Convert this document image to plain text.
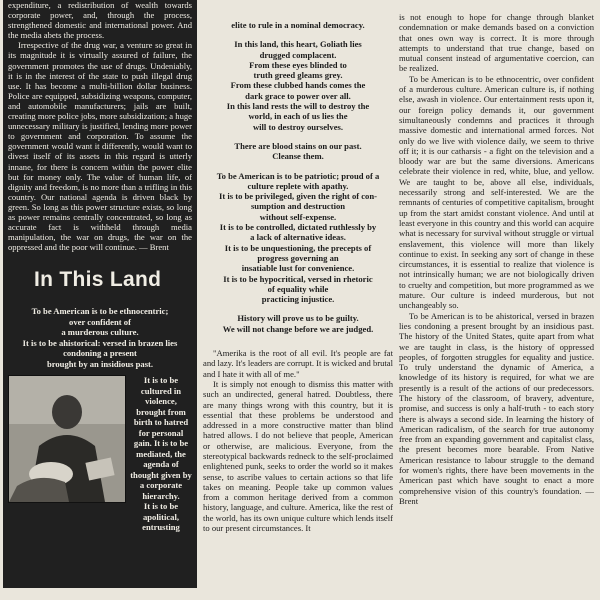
expenditure, a redistribution of wealth towards corporate power, and, through the process, strengthened domestic and international power. And the media abets the process.

Irrespective of the drug war, a venture so great in its magnitude it is virtually assured of failure, the government promotes the use of drugs. Undeniably, it is in the interest of the state to push illegal drug use. It has become a multi-billion dollar business. Police are equipped, subsidizing weapons, computer, and automobile manufacturers; jails are built, creating more police jobs, more subsidization; a huge unnecessary military is justified, lending more power to government and corporation. To assume the government would want it differently, would want to divest itself of its assets in this regard is utterly innane, for there is concern within the power elite but for money only. The value of human life, of dignity and freedom, is no more than a trifling in this country. Our national agenda is driven black by green. So long as this power structure exists, so long as power remains centrally concentrated, so long as accurate fact is withheld through media manipulation, the war on drugs, the war on the oppressed and the poor will continue. — Brent

In This Land
To be American is to be ethnocentric;
over confident of
a murderous culture.
It is to be ahistorical: versed in brazen lies
condoning a present
brought by an insidious past.
It is to be
cultured in
violence,
brought from
birth to hatred
for personal
gain. It is to be
mediated, the
agenda of
thought given by
a corporate
hierarchy.
It is to be
apolitical,
entrusting
elite to rule in a nominal democracy.
In this land, this heart, Goliath lies
drugged complacent.
From these eyes blinded to
truth greed gleams grey.
From these clubbed hands comes the
dark grace to power over all.
In this land rests the will to destroy the
world, in each of us lies the
will to destroy ourselves.
There are blood stains on our past.
Cleanse them.
To be American is to be patriotic; proud of a
culture replete with apathy.
It is to be privileged, given the right of con-
sumption and destruction
without self-expense.
It is to be controlled, dictated ruthlessly by
a lack of alternative ideas.
It is to be unquestioning, the precepts of
progress governing an
insatiable lust for convenience.
It is to be hypocritical, versed in rhetoric
of equality while
practicing injustice.
History will prove us to be guilty.
We will not change before we are judged.

"Amerika is the root of all evil. It's people are fat and lazy. It's leaders are corrupt. It is wicked and brutal and I hate it with all of me."

It is simply not enough to dismiss this matter with such an undirected, general hatred. Doubtless, there are many things wrong with this country, but it is essential that these problems be understood and addressed in a more constructive matter than blind hatred allows. I do not believe that people, American or otherwise, are malicious. Everyone, from the stereotypical backwards redneck to the self-proclaimed enlightened punk, seeks to order the world so it makes sense, to ascribe values to certain actions so that life takes on meaning. People take up common values from a common heritage derived from a common history, language, and culture. America, like the rest of the world, has its own unique culture which lends itself to our present circumstances. It

is not enough to hope for change through blanket condemnation or make demands based on a conviction that ones own way is correct. It is more through attempts to understand that true change, based on mutual consent instead of argumentative coercion, can be realized.

To be American is to be ethnocentric, over confident of a murderous culture. American culture is, if nothing else, awash in violence. Our entertainment rests upon it, our foreign policy demands it, our government simultaneously condemns and practices it through massive domestic and international armed forces. Not only do we live with violence daily, we seem to thrive off it; it is our catharsis - a fight on the television and a bloody war are but the same diversions. Americans celebrate their violence in red, white, blue, and yellow. We are taught to be, above all else, individuals, necessarily strong and self-interested. We are the remnants of centuries of competitive capitalism, brought up from the start amidst constant violence. And until at least everyone in this country and this world can acquire what is necessary for survival without struggle or virtual enslavement, this violence will more than likely continue to exist. In seeking any sort of change in these circumstances, it is essential to realize that violence is not intrinsically human; we are not biologically driven to cruelty and competition, but more programmed as we mature. Our culture is indeed murderous, but not unchangeably so.

To be American is to be ahistorical, versed in brazen lies condoning a present brought by an insidious past. The history of the United States, quite apart from what we are taught in class, is the history of oppressed peoples, of forgotten struggles for equality and justice. To truly understand the dynamic of America, a knowledge of its history is required, for what we are presently is a result of the actions of our predecessors. The history of the classroom, of bravery, adventure, promise, and success is only a half-truth - to each story there is always a second side. In learning the history of American radicalism, of the search for true autonomy free from an expanding government and capitalist class, the present becomes more bearable. From Native American resistance to labour struggle to the demand for women's rights, there have been movements in the American past which have sought to enact a more comprehensive vision of this country's foundation. — Brent
